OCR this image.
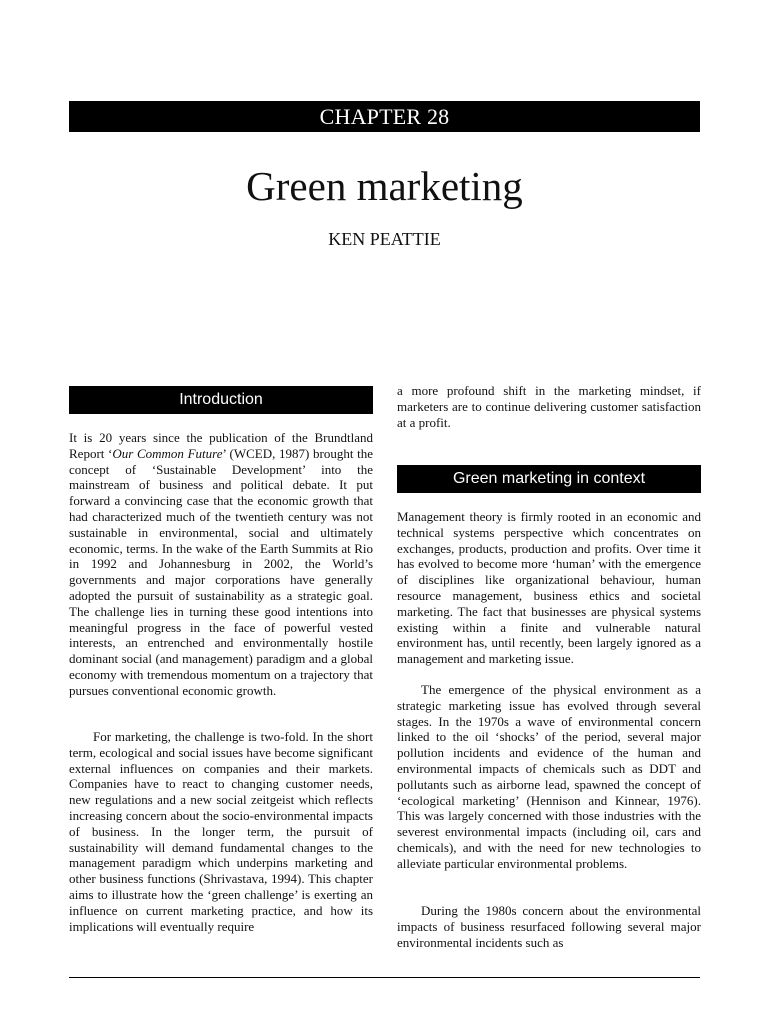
CHAPTER 28
Green marketing
KEN PEATTIE
Introduction

It is 20 years since the publication of the Brundtland Report ‘Our Common Future’ (WCED, 1987) brought the concept of ‘Sustainable Development’ into the mainstream of business and political debate. It put forward a convincing case that the economic growth that had characterized much of the twentieth century was not sustainable in environmental, social and ultimately economic, terms. In the wake of the Earth Summits at Rio in 1992 and Johannesburg in 2002, the World’s governments and major corporations have generally adopted the pursuit of sustainability as a strategic goal. The challenge lies in turning these good intentions into meaningful progress in the face of powerful vested interests, an entrenched and environmentally hostile dominant social (and management) paradigm and a global economy with tremendous momentum on a trajectory that pursues conventional economic growth.

For marketing, the challenge is two-fold. In the short term, ecological and social issues have become significant external influences on companies and their markets. Companies have to react to changing customer needs, new regulations and a new social zeitgeist which reflects increasing concern about the socio-environmental impacts of business. In the longer term, the pursuit of sustainability will demand fundamental changes to the management paradigm which underpins marketing and other business functions (Shrivastava, 1994). This chapter aims to illustrate how the ‘green challenge’ is exerting an influence on current marketing practice, and how its implications will eventually require

a more profound shift in the marketing mindset, if marketers are to continue delivering customer satisfaction at a profit.

Green marketing in context

Management theory is firmly rooted in an economic and technical systems perspective which concentrates on exchanges, products, production and profits. Over time it has evolved to become more ‘human’ with the emergence of disciplines like organizational behaviour, human resource management, business ethics and societal marketing. The fact that businesses are physical systems existing within a finite and vulnerable natural environment has, until recently, been largely ignored as a management and marketing issue.

The emergence of the physical environment as a strategic marketing issue has evolved through several stages. In the 1970s a wave of environmental concern linked to the oil ‘shocks’ of the period, several major pollution incidents and evidence of the human and environmental impacts of chemicals such as DDT and pollutants such as airborne lead, spawned the concept of ‘ecological marketing’ (Hennison and Kinnear, 1976). This was largely concerned with those industries with the severest environmental impacts (including oil, cars and chemicals), and with the need for new technologies to alleviate particular environmental problems.

During the 1980s concern about the environmental impacts of business resurfaced following several major environmental incidents such as
